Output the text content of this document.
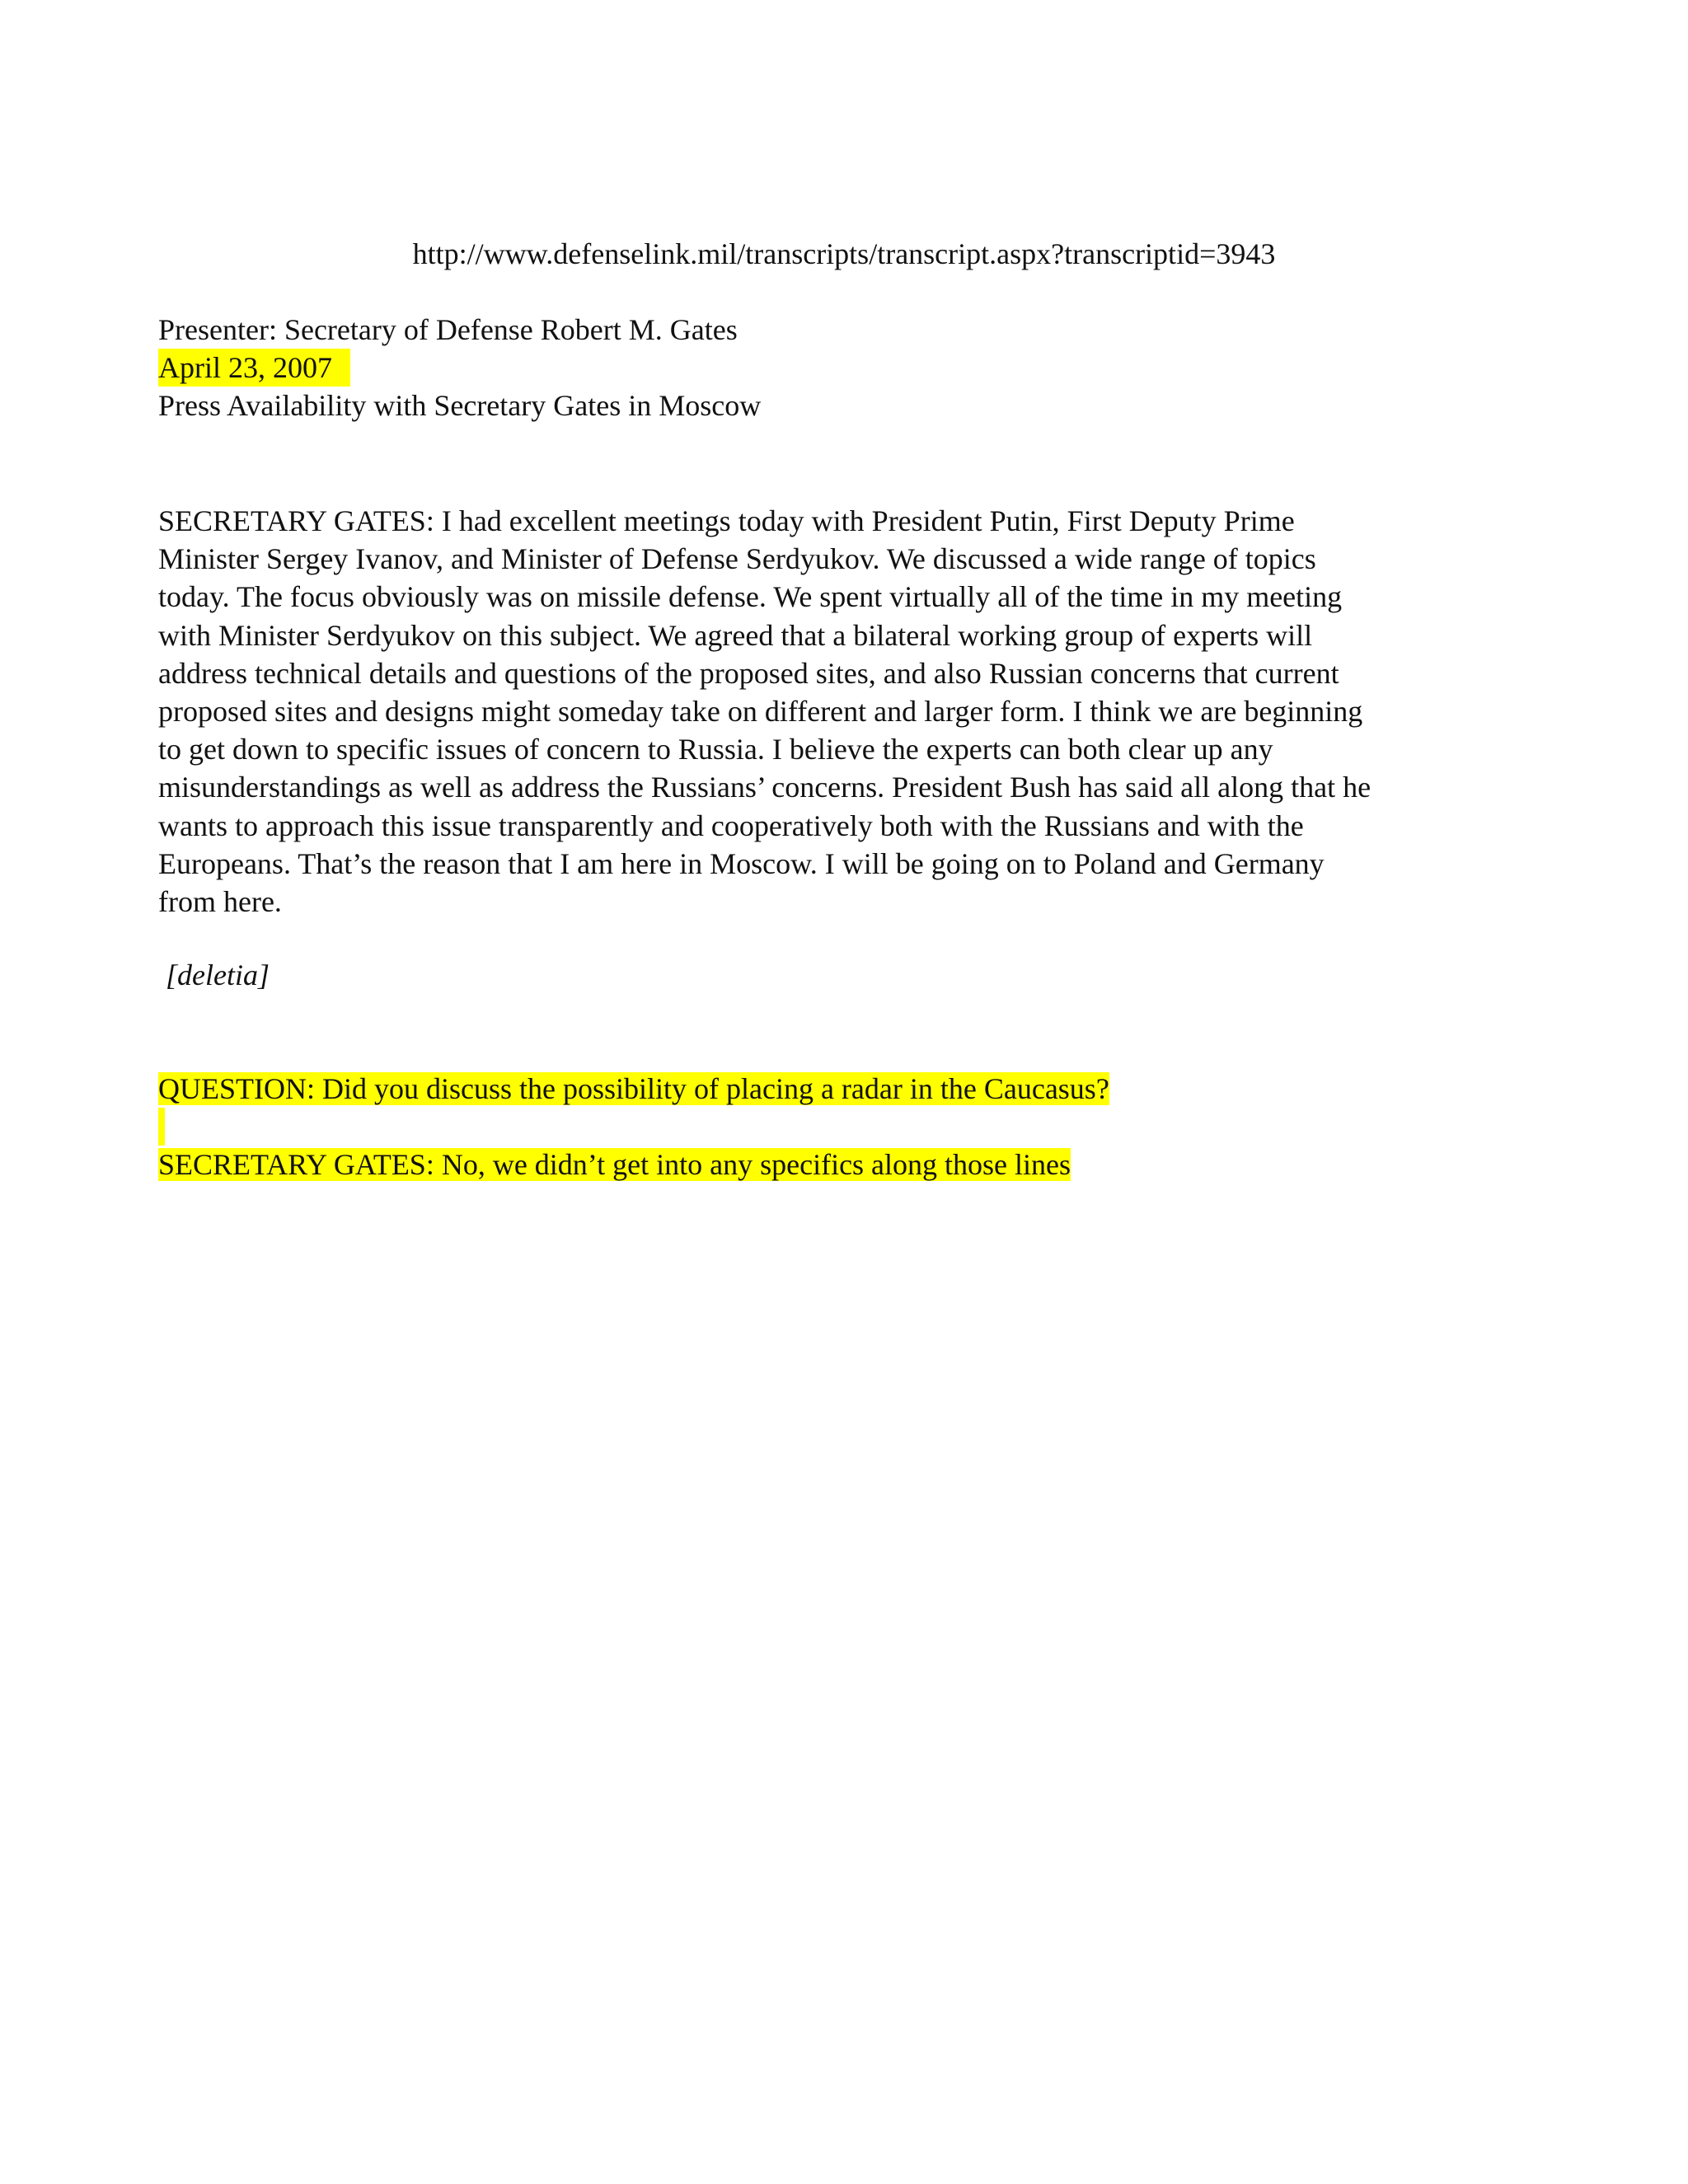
http://www.defenselink.mil/transcripts/transcript.aspx?transcriptid=3943
Presenter: Secretary of Defense Robert M. Gates
April 23, 2007
Press Availability with Secretary Gates in Moscow
SECRETARY GATES: I had excellent meetings today with President Putin, First Deputy Prime
Minister Sergey Ivanov, and Minister of Defense Serdyukov. We discussed a wide range of topics
today. The focus obviously was on missile defense. We spent virtually all of the time in my meeting
with Minister Serdyukov on this subject. We agreed that a bilateral working group of experts will
address technical details and questions of the proposed sites, and also Russian concerns that current
proposed sites and designs might someday take on different and larger form. I think we are beginning
to get down to specific issues of concern to Russia. I believe the experts can both clear up any
misunderstandings as well as address the Russians’ concerns. President Bush has said all along that he
wants to approach this issue transparently and cooperatively both with the Russians and with the
Europeans. That’s the reason that I am here in Moscow. I will be going on to Poland and Germany
from here.
[deletia]
QUESTION: Did you discuss the possibility of placing a radar in the Caucasus?
SECRETARY GATES: No, we didn’t get into any specifics along those lines
